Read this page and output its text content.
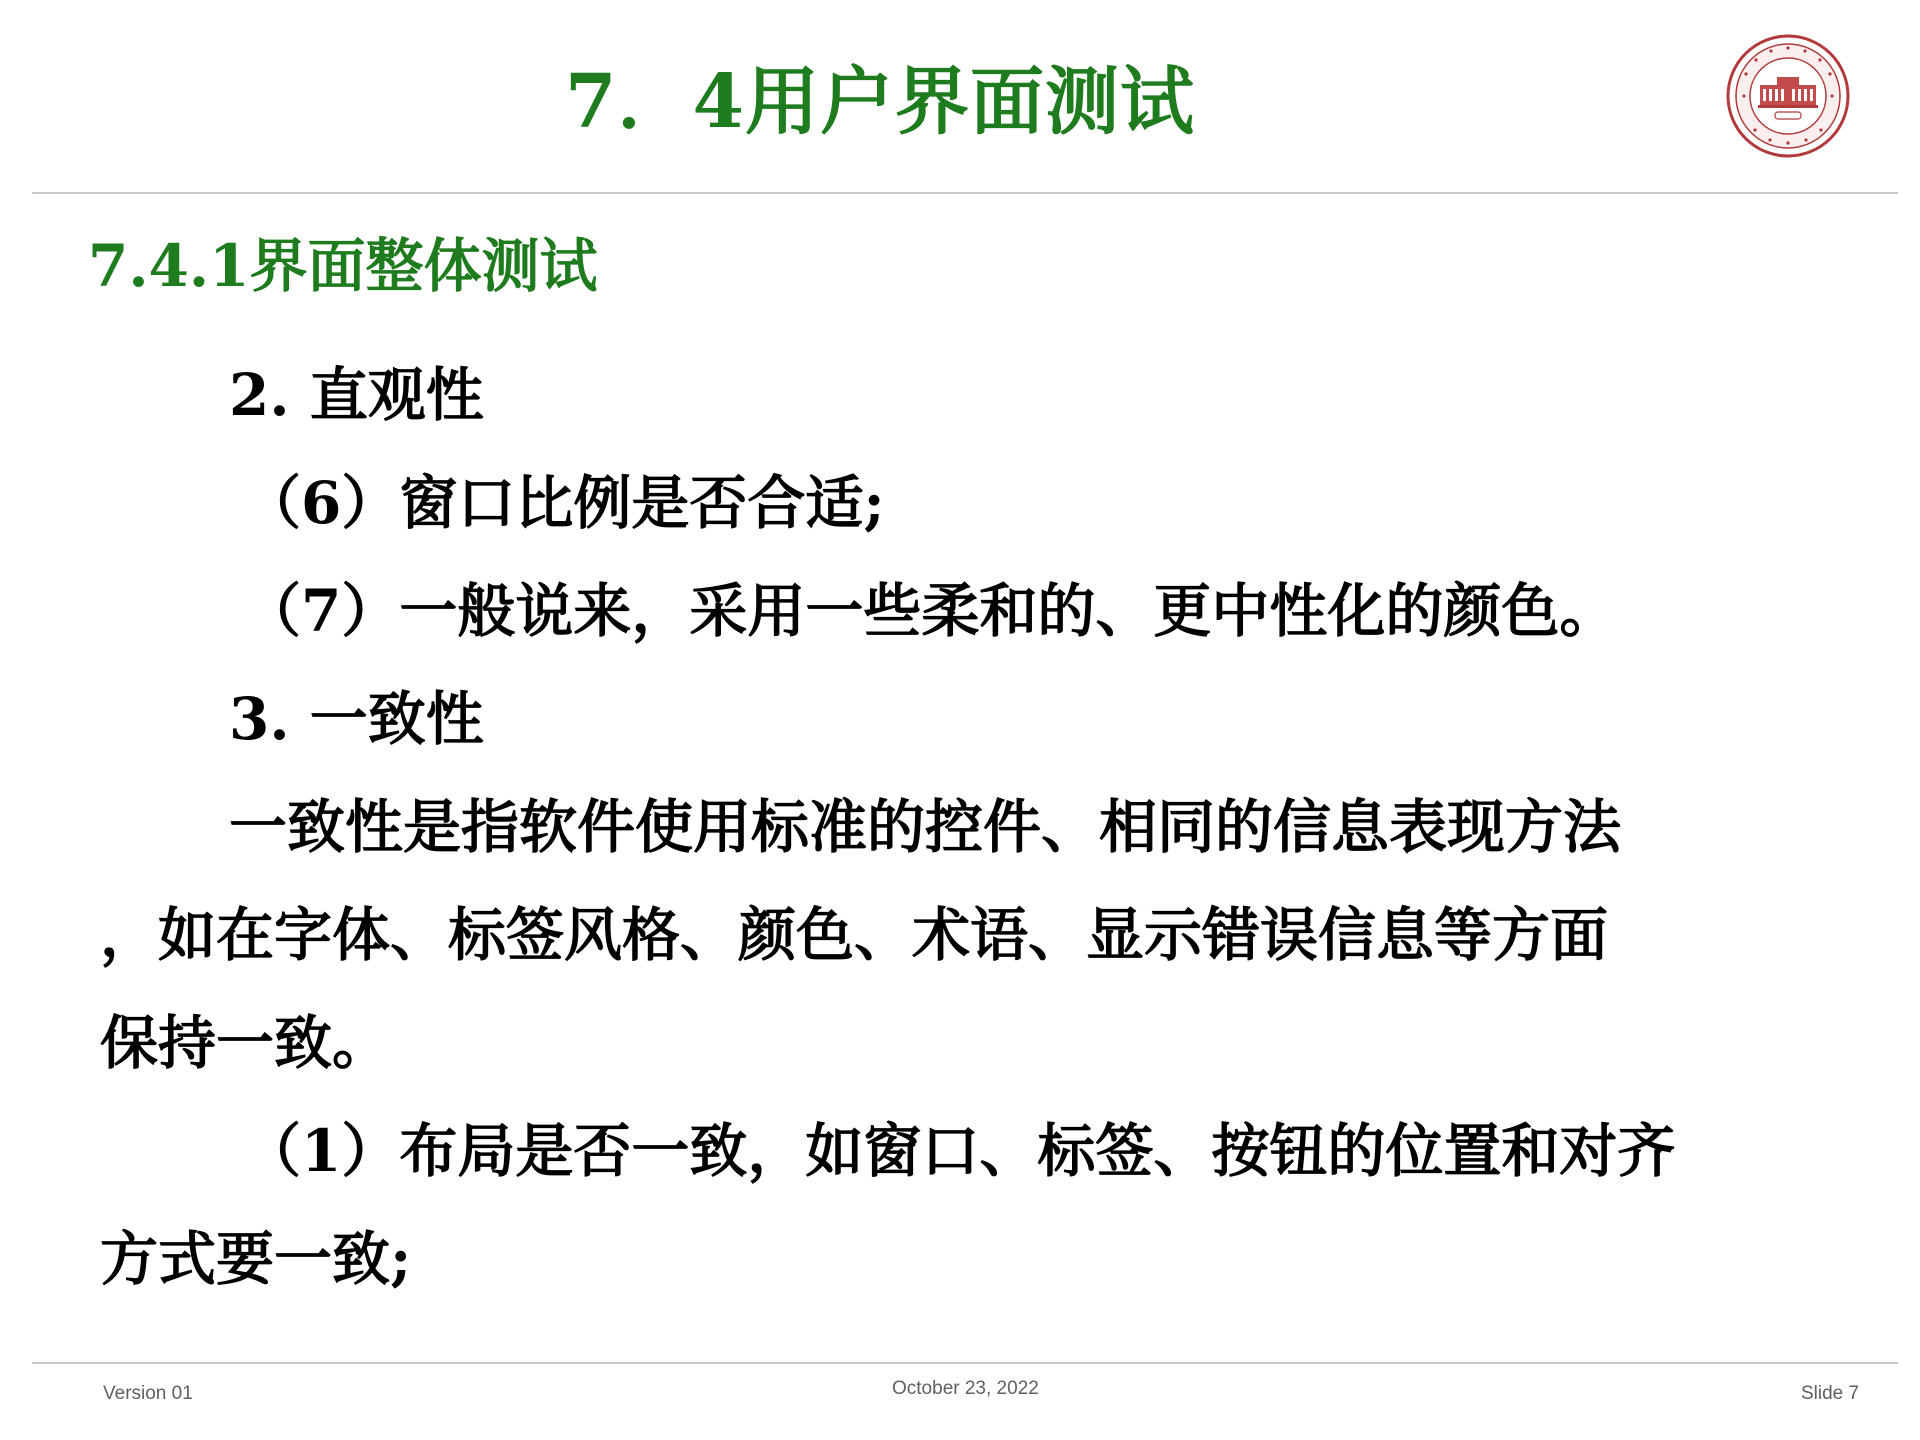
7．4用户界面测试
7.4.1界面整体测试
2. 直观性
（6）窗口比例是否合适;
（7）一般说来，采用一些柔和的、更中性化的颜色。
3. 一致性
一致性是指软件使用标准的控件、相同的信息表现方法
，如在字体、标签风格、颜色、术语、显示错误信息等方面
保持一致。
（1）布局是否一致，如窗口、标签、按钮的位置和对齐
方式要一致;
Version 01	October 23, 2022	Slide 7
